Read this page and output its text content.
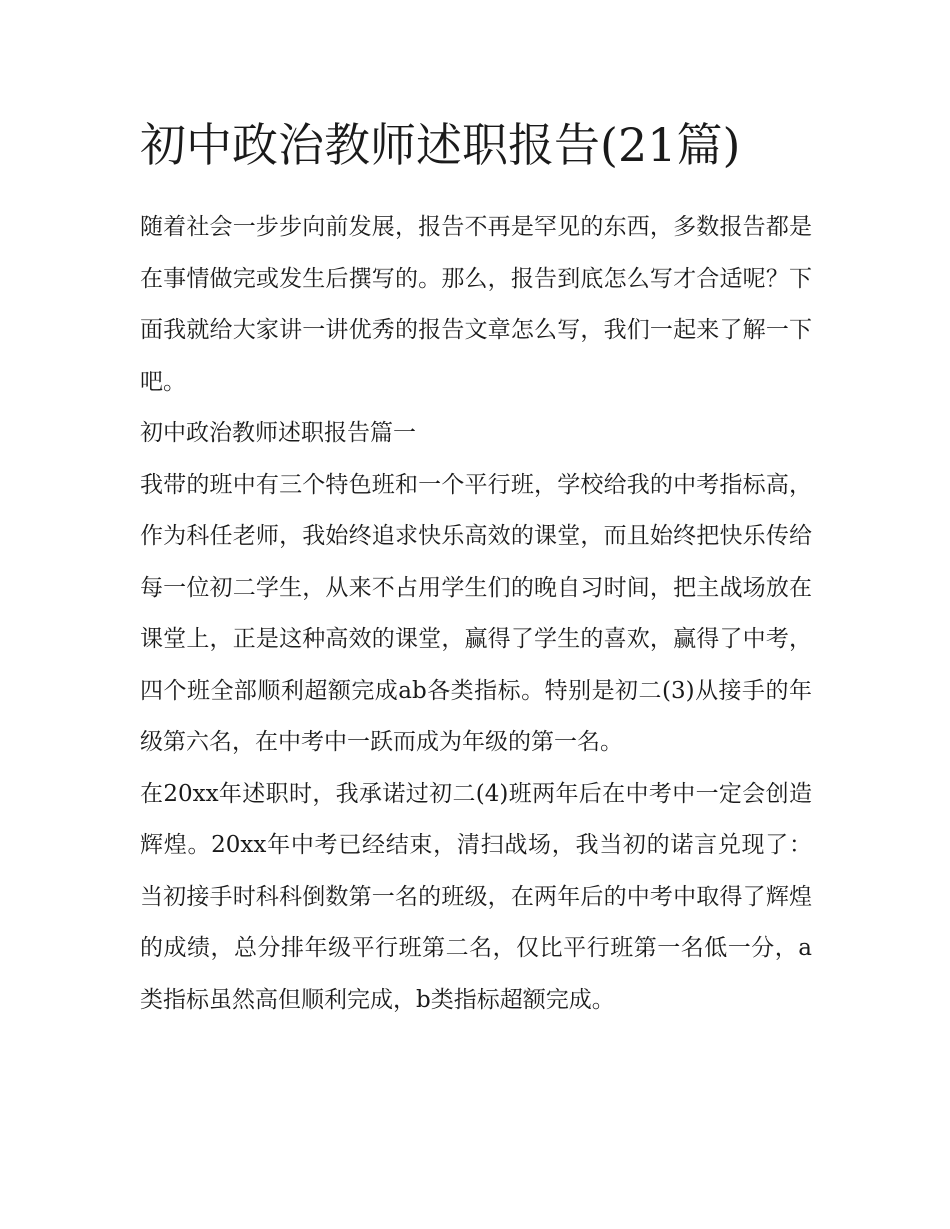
初中政治教师述职报告(21篇)

随着社会一步步向前发展，报告不再是罕见的东西，多数报告都是在事情做完或发生后撰写的。那么，报告到底怎么写才合适呢？下面我就给大家讲一讲优秀的报告文章怎么写，我们一起来了解一下吧。

初中政治教师述职报告篇一

我带的班中有三个特色班和一个平行班，学校给我的中考指标高，作为科任老师，我始终追求快乐高效的课堂，而且始终把快乐传给每一位初二学生，从来不占用学生们的晚自习时间，把主战场放在课堂上，正是这种高效的课堂，赢得了学生的喜欢，赢得了中考，四个班全部顺利超额完成ab各类指标。特别是初二(3)从接手的年级第六名，在中考中一跃而成为年级的第一名。

在20xx年述职时，我承诺过初二(4)班两年后在中考中一定会创造辉煌。20xx年中考已经结束，清扫战场，我当初的诺言兑现了：当初接手时科科倒数第一名的班级，在两年后的中考中取得了辉煌的成绩，总分排年级平行班第二名，仅比平行班第一名低一分，a类指标虽然高但顺利完成，b类指标超额完成。
